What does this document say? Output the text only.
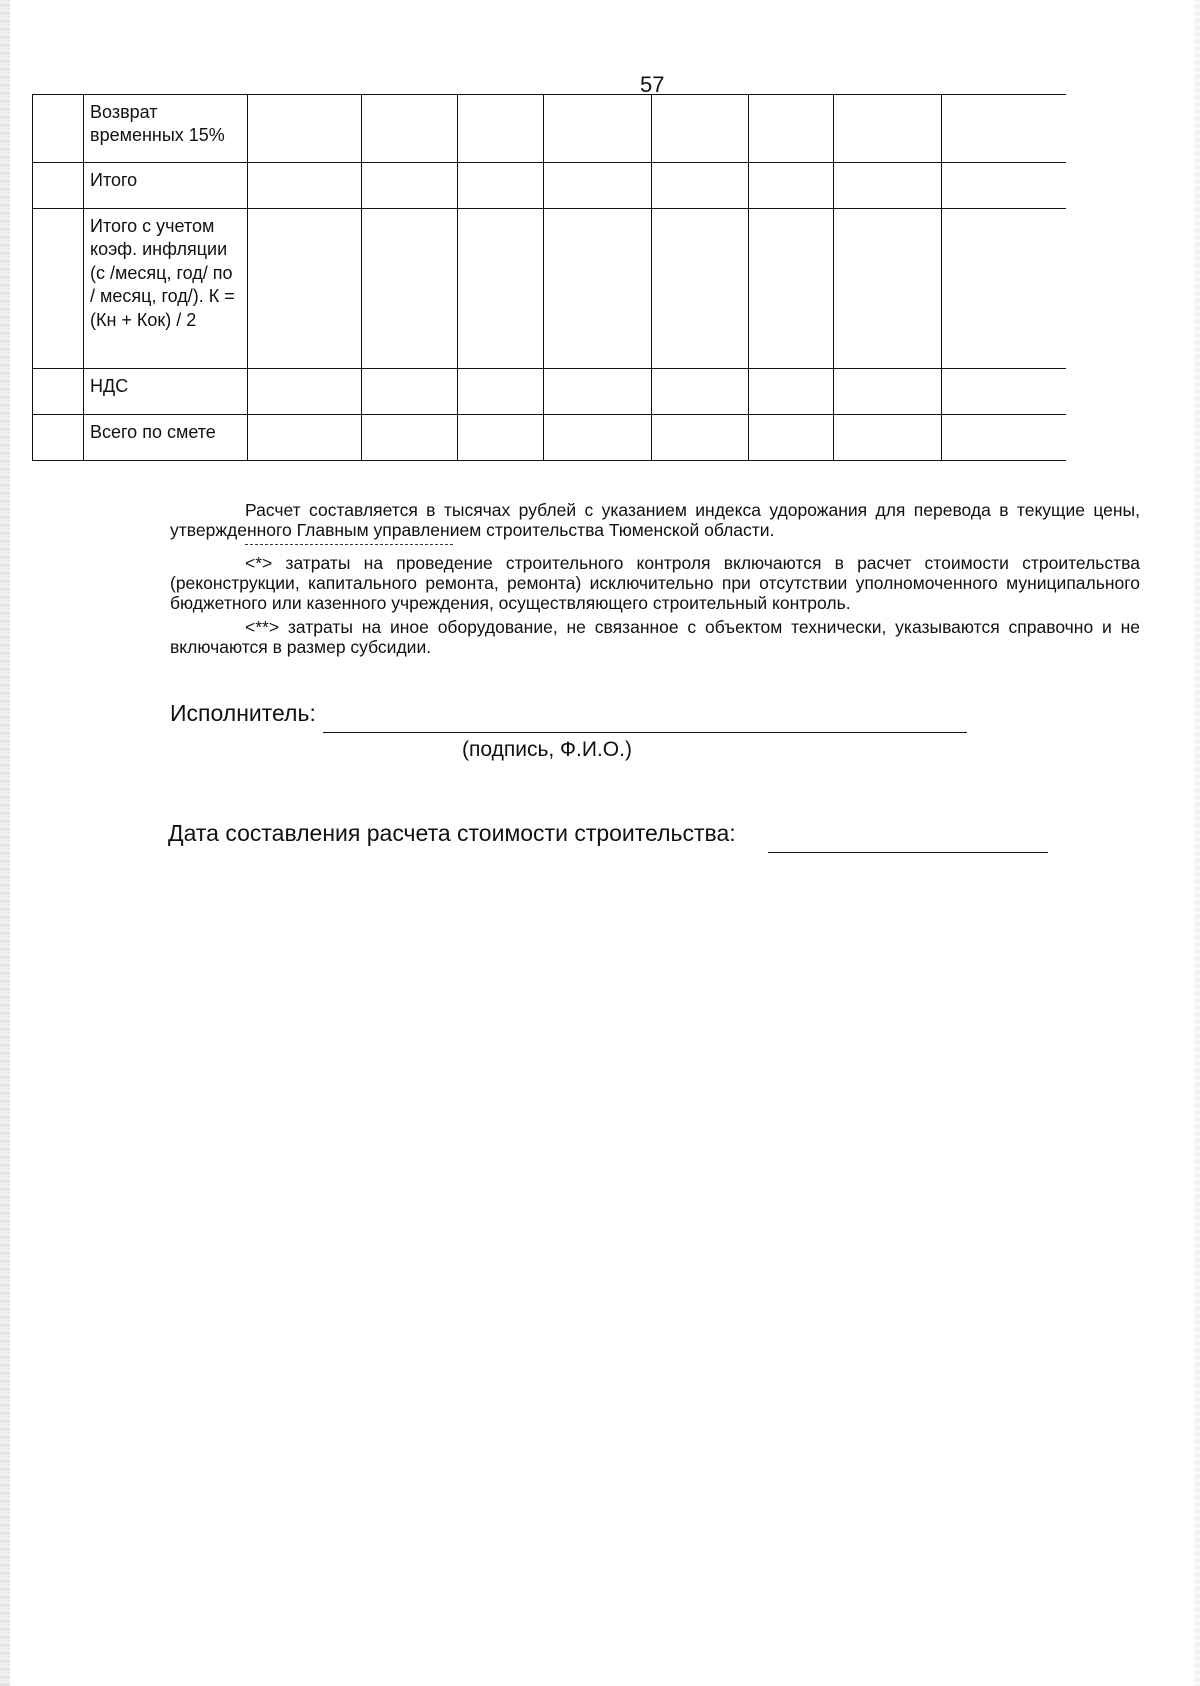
57
	Возврат временных 15%								
	Итого								
	Итого с учетом коэф. инфляции (с /месяц, год/ по / месяц, год/). К = (Кн + Кок) / 2								
	НДС								
	Всего по смете								

Расчет составляется в тысячах рублей с указанием индекса удорожания для перевода в текущие цены, утвержденного Главным управлением строительства Тюменской области.

<*> затраты на проведение строительного контроля включаются в расчет стоимости строительства (реконструкции, капитального ремонта, ремонта) исключительно при отсутствии уполномоченного муниципального бюджетного или казенного учреждения, осуществляющего строительный контроль.

<**> затраты на иное оборудование, не связанное с объектом технически, указываются справочно и не включаются в размер субсидии.

Исполнитель:
(подпись, Ф.И.О.)
Дата составления расчета стоимости строительства:
